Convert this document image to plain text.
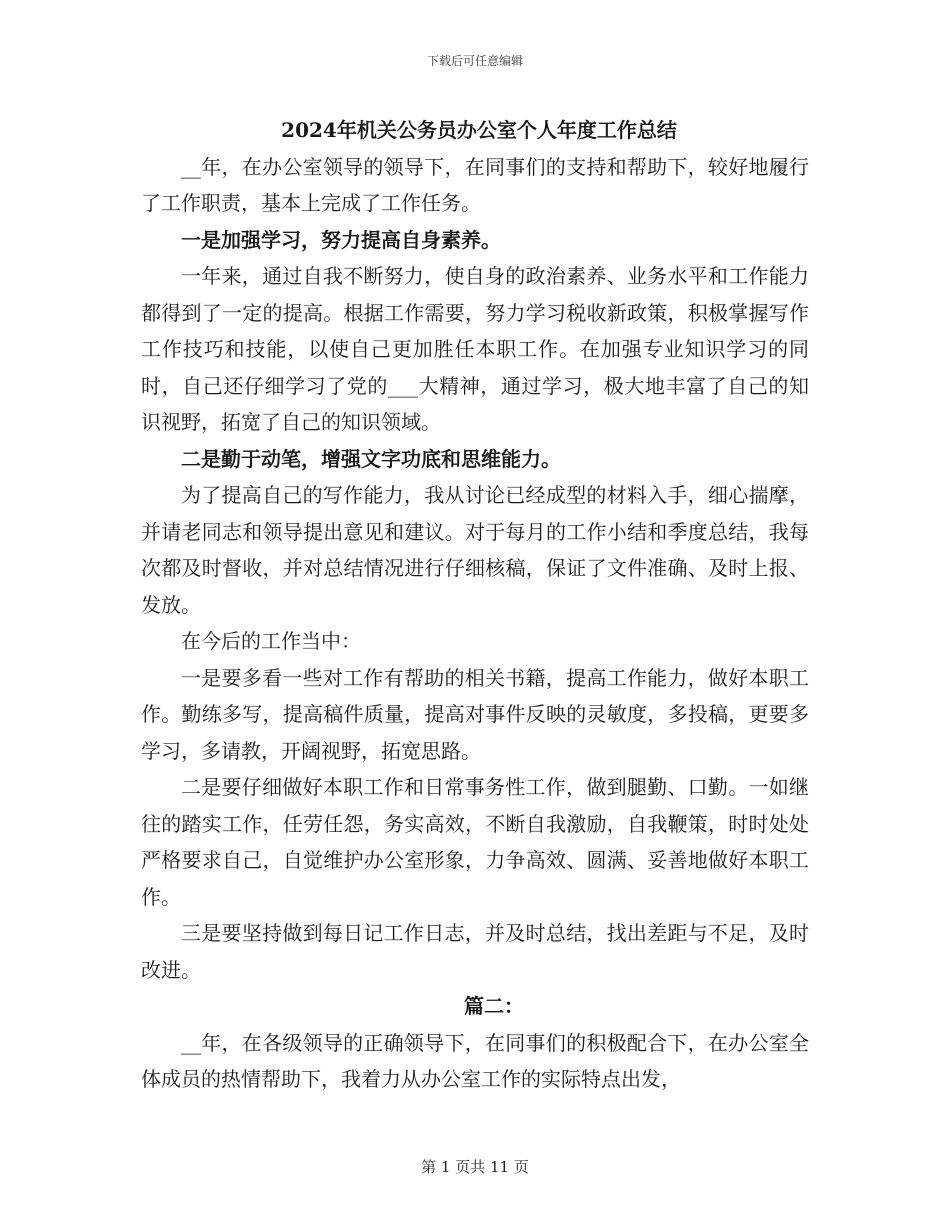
下载后可任意编辑
2024年机关公务员办公室个人年度工作总结

__年，在办公室领导的领导下，在同事们的支持和帮助下，较好地履行了工作职责，基本上完成了工作任务。

一是加强学习，努力提高自身素养。

一年来，通过自我不断努力，使自身的政治素养、业务水平和工作能力都得到了一定的提高。根据工作需要，努力学习税收新政策，积极掌握写作工作技巧和技能，以使自己更加胜任本职工作。在加强专业知识学习的同时，自己还仔细学习了党的___大精神，通过学习，极大地丰富了自己的知识视野，拓宽了自己的知识领域。

二是勤于动笔，增强文字功底和思维能力。

为了提高自己的写作能力，我从讨论已经成型的材料入手，细心揣摩，并请老同志和领导提出意见和建议。对于每月的工作小结和季度总结，我每次都及时督收，并对总结情况进行仔细核稿，保证了文件准确、及时上报、发放。

在今后的工作当中：

一是要多看一些对工作有帮助的相关书籍，提高工作能力，做好本职工作。勤练多写，提高稿件质量，提高对事件反映的灵敏度，多投稿，更要多学习，多请教，开阔视野，拓宽思路。

二是要仔细做好本职工作和日常事务性工作，做到腿勤、口勤。一如继往的踏实工作，任劳任怨，务实高效，不断自我激励，自我鞭策，时时处处严格要求自己，自觉维护办公室形象，力争高效、圆满、妥善地做好本职工作。

三是要坚持做到每日记工作日志，并及时总结，找出差距与不足，及时改进。

篇二：

__年，在各级领导的正确领导下，在同事们的积极配合下，在办公室全体成员的热情帮助下，我着力从办公室工作的实际特点出发，

第 1 页共 11 页
